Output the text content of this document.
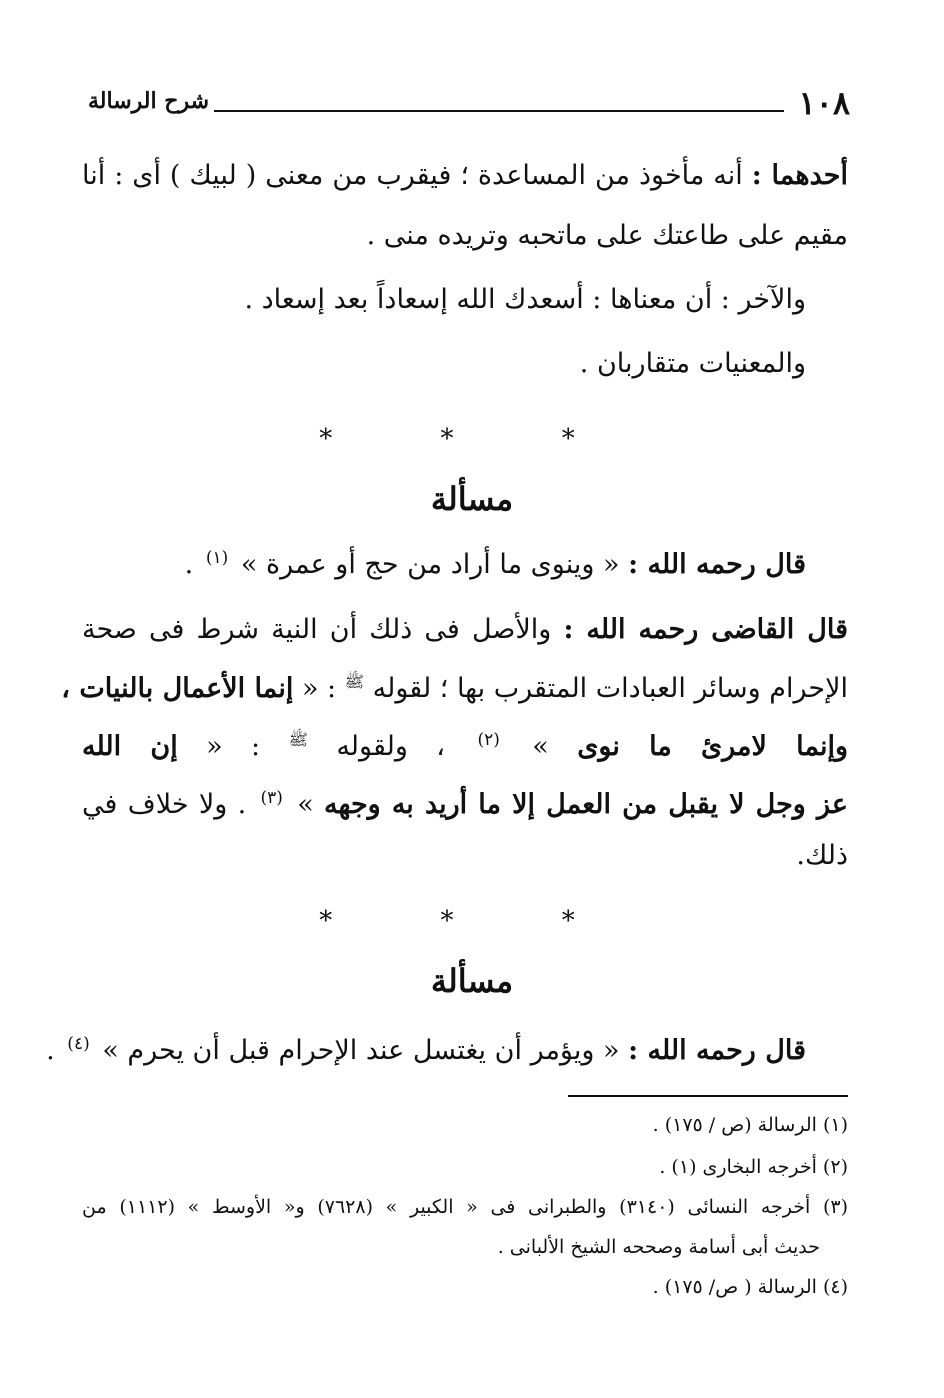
١٠٨
شرح الرسالة
أحدهما : أنه مأخوذ من المساعدة ؛ فيقرب من معنى ( لبيك ) أى : أنا
مقيم على طاعتك على ماتحبه وتريده منى .
والآخر : أن معناها : أسعدك الله إسعاداً بعد إسعاد .
والمعنيات متقاربان .
* * *
مسألة
قال رحمه الله : « وينوى ما أراد من حج أو عمرة » $^{(١)}$ .
قال القاضى رحمه الله : والأصل فى ذلك أن النية شرط فى صحة
الإحرام وسائر العبادات المتقرب بها ؛ لقوله $^ﷺ$ : « إنما الأعمال بالنيات ،
وإنما لامرئ ما نوى » $^{(٢)}$ ، ولقوله $^ﷺ$ : « إن الله
عز وجل لا يقبل من العمل إلا ما أريد به وجهه » $^{(٣)}$ . ولا خلاف في
ذلك.
* * *
مسألة
قال رحمه الله : « ويؤمر أن يغتسل عند الإحرام قبل أن يحرم » $^{(٤)}$ .
(١) الرسالة (ص / ١٧٥) .
(٢) أخرجه البخارى (١) .
(٣) أخرجه النسائى (٣١٤٠) والطبرانى فى « الكبير » (٧٦٢٨) و« الأوسط » (١١١٢) من
حديث أبى أسامة وصححه الشيخ الألبانى .
(٤) الرسالة ( ص/ ١٧٥) .
